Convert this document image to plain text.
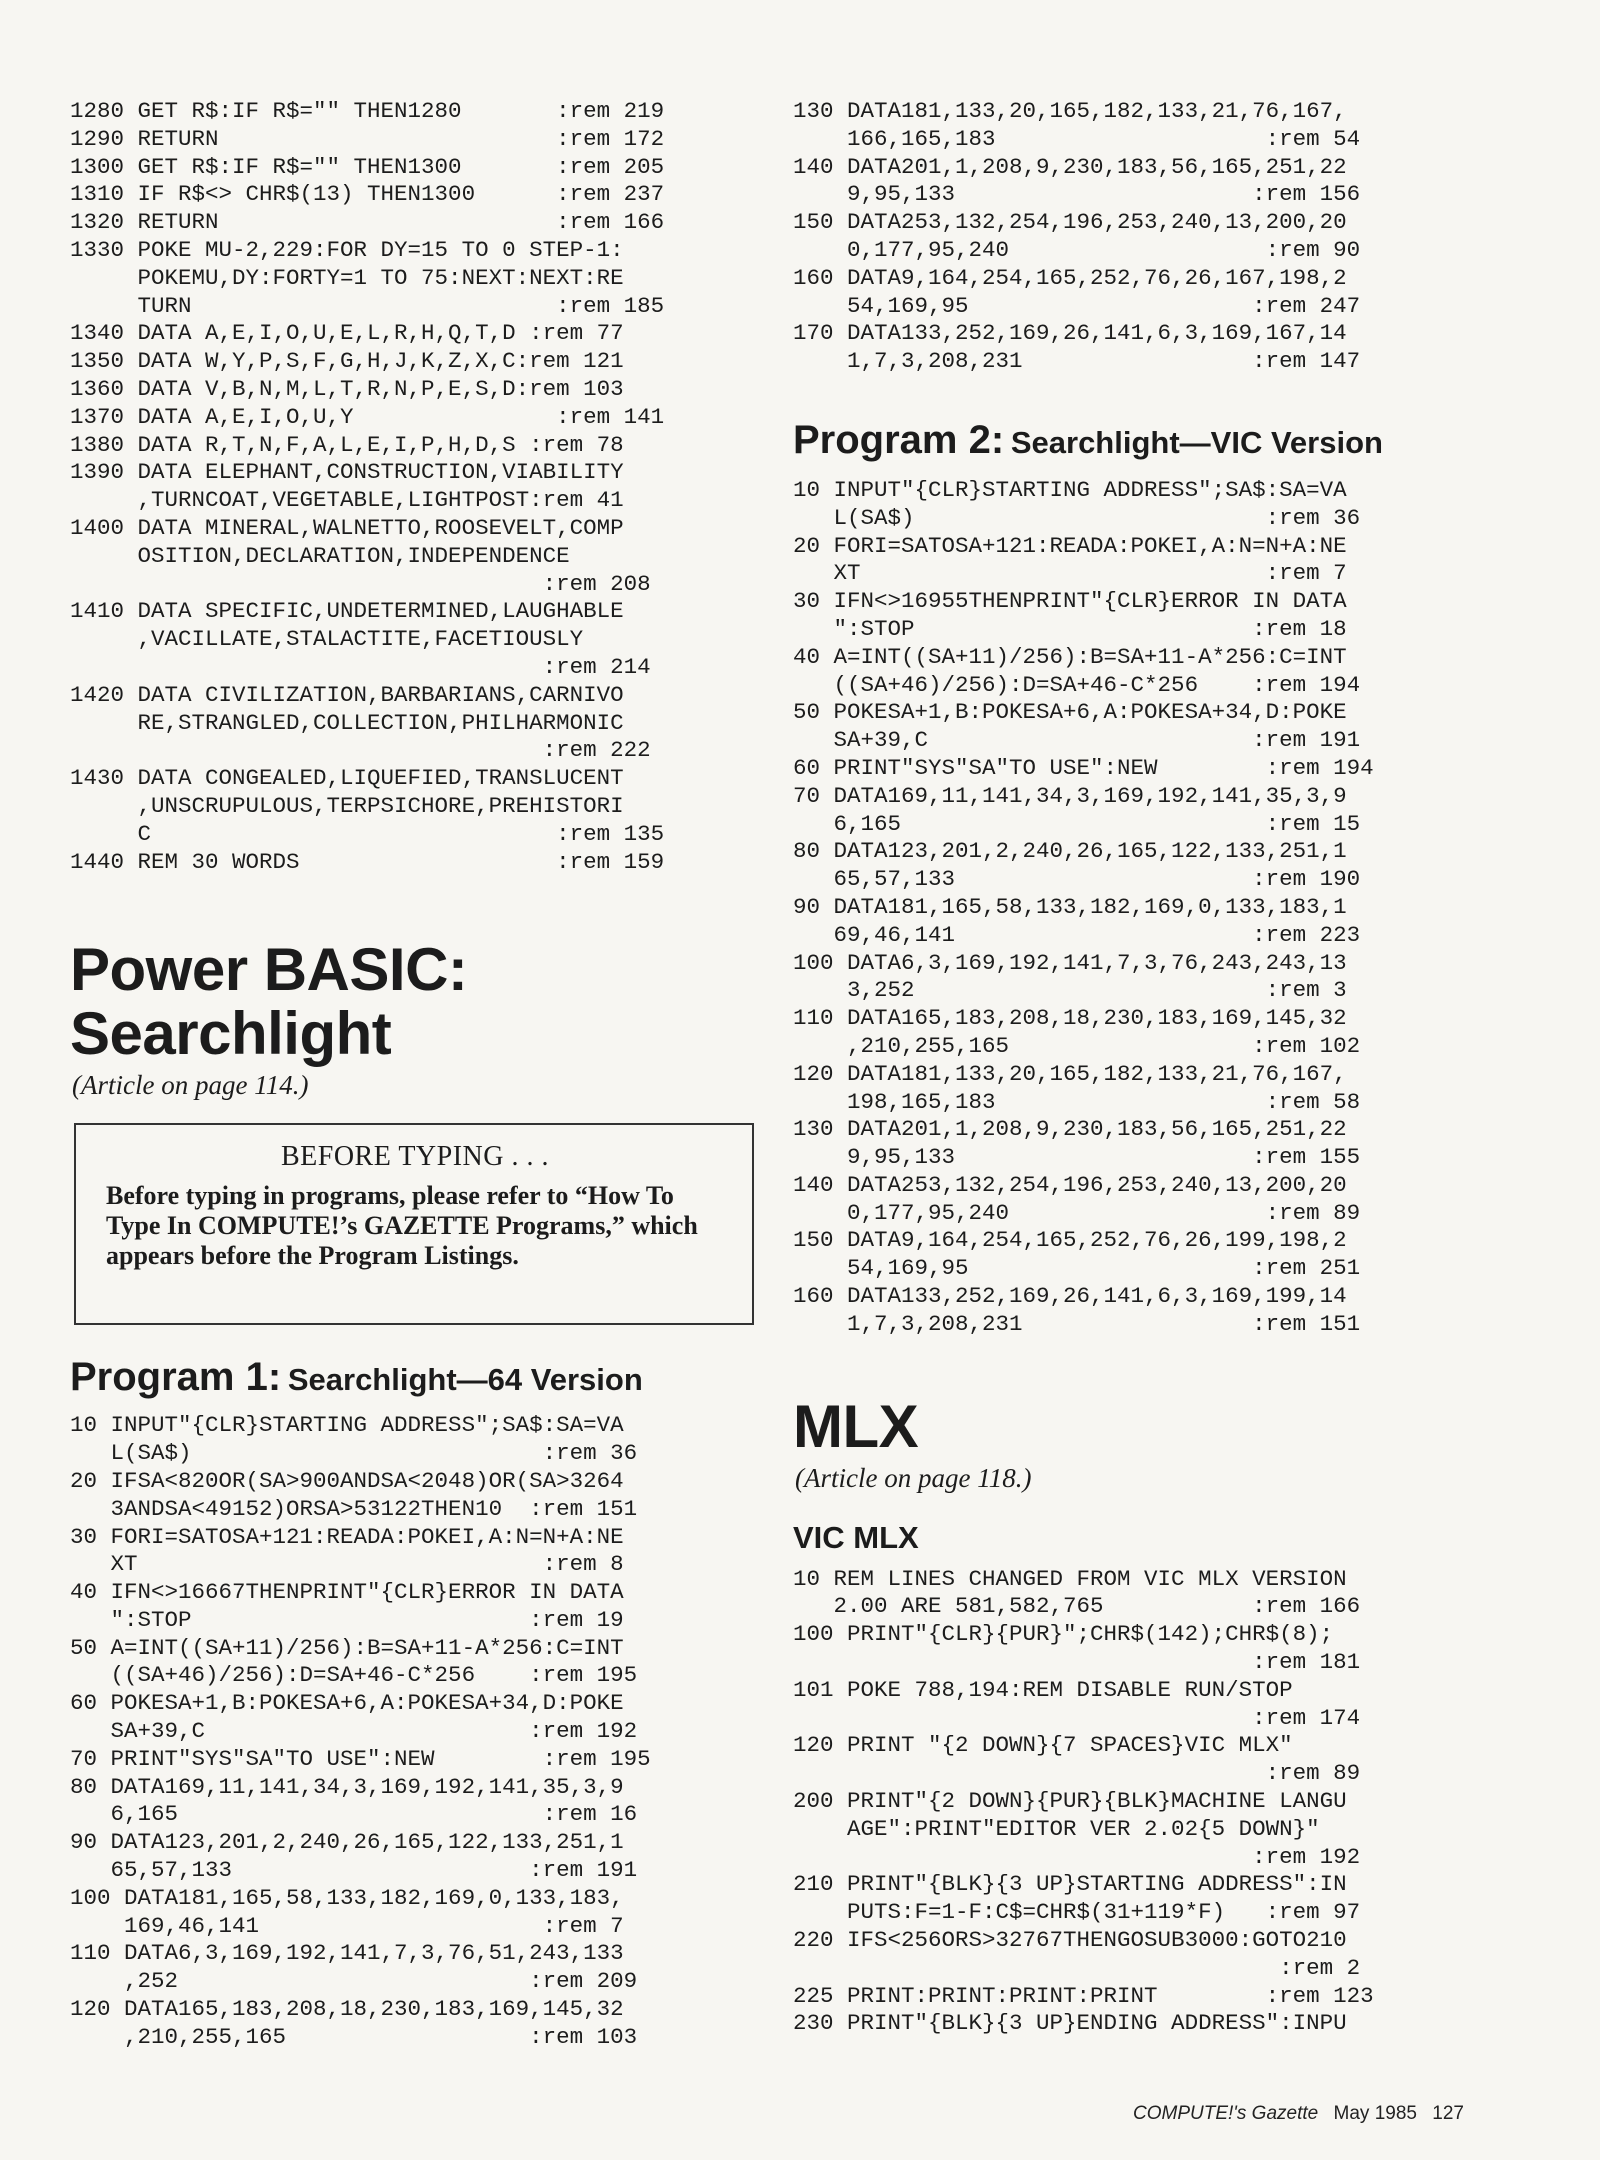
1280 GET R$:IF R$="" THEN1280       :rem 219
1290 RETURN                         :rem 172
1300 GET R$:IF R$="" THEN1300       :rem 205
1310 IF R$<> CHR$(13) THEN1300      :rem 237
1320 RETURN                         :rem 166
1330 POKE MU-2,229:FOR DY=15 TO 0 STEP-1:
POKEMU,DY:FORTY=1 TO 75:NEXT:NEXT:RE
TURN                           :rem 185
1340 DATA A,E,I,O,U,E,L,R,H,Q,T,D :rem 77
1350 DATA W,Y,P,S,F,G,H,J,K,Z,X,C:rem 121
1360 DATA V,B,N,M,L,T,R,N,P,E,S,D:rem 103
1370 DATA A,E,I,O,U,Y               :rem 141
1380 DATA R,T,N,F,A,L,E,I,P,H,D,S :rem 78
1390 DATA ELEPHANT,CONSTRUCTION,VIABILITY
,TURNCOAT,VEGETABLE,LIGHTPOST:rem 41
1400 DATA MINERAL,WALNETTO,ROOSEVELT,COMP
OSITION,DECLARATION,INDEPENDENCE
:rem 208
1410 DATA SPECIFIC,UNDETERMINED,LAUGHABLE
,VACILLATE,STALACTITE,FACETIOUSLY
:rem 214
1420 DATA CIVILIZATION,BARBARIANS,CARNIVO
RE,STRANGLED,COLLECTION,PHILHARMONIC
:rem 222
1430 DATA CONGEALED,LIQUEFIED,TRANSLUCENT
,UNSCRUPULOUS,TERPSICHORE,PREHISTORI
C                              :rem 135
1440 REM 30 WORDS                   :rem 159
Power BASIC:
Searchlight
(Article on page 114.)
BEFORE TYPING . . .
Before typing in programs, please refer to “How To Type In COMPUTE!’s GAZETTE Programs,” which appears before the Program Listings.
Program 1: Searchlight—64 Version
10 INPUT"{CLR}STARTING ADDRESS";SA$:SA=VA
L(SA$)                          :rem 36
20 IFSA<820OR(SA>900ANDSA<2048)OR(SA>3264
3ANDSA<49152)ORSA>53122THEN10  :rem 151
30 FORI=SATOSA+121:READA:POKEI,A:N=N+A:NE
XT                              :rem 8
40 IFN<>16667THENPRINT"{CLR}ERROR IN DATA
":STOP                         :rem 19
50 A=INT((SA+11)/256):B=SA+11-A*256:C=INT
((SA+46)/256):D=SA+46-C*256    :rem 195
60 POKESA+1,B:POKESA+6,A:POKESA+34,D:POKE
SA+39,C                        :rem 192
70 PRINT"SYS"SA"TO USE":NEW        :rem 195
80 DATA169,11,141,34,3,169,192,141,35,3,9
6,165                           :rem 16
90 DATA123,201,2,240,26,165,122,133,251,1
65,57,133                      :rem 191
100 DATA181,165,58,133,182,169,0,133,183,
169,46,141                     :rem 7
110 DATA6,3,169,192,141,7,3,76,51,243,133
,252                          :rem 209
120 DATA165,183,208,18,230,183,169,145,32
,210,255,165                  :rem 103
130 DATA181,133,20,165,182,133,21,76,167,
166,165,183                    :rem 54
140 DATA201,1,208,9,230,183,56,165,251,22
9,95,133                      :rem 156
150 DATA253,132,254,196,253,240,13,200,20
0,177,95,240                   :rem 90
160 DATA9,164,254,165,252,76,26,167,198,2
54,169,95                     :rem 247
170 DATA133,252,169,26,141,6,3,169,167,14
1,7,3,208,231                 :rem 147
Program 2: Searchlight—VIC Version
10 INPUT"{CLR}STARTING ADDRESS";SA$:SA=VA
L(SA$)                          :rem 36
20 FORI=SATOSA+121:READA:POKEI,A:N=N+A:NE
XT                              :rem 7
30 IFN<>16955THENPRINT"{CLR}ERROR IN DATA
":STOP                         :rem 18
40 A=INT((SA+11)/256):B=SA+11-A*256:C=INT
((SA+46)/256):D=SA+46-C*256    :rem 194
50 POKESA+1,B:POKESA+6,A:POKESA+34,D:POKE
SA+39,C                        :rem 191
60 PRINT"SYS"SA"TO USE":NEW        :rem 194
70 DATA169,11,141,34,3,169,192,141,35,3,9
6,165                           :rem 15
80 DATA123,201,2,240,26,165,122,133,251,1
65,57,133                      :rem 190
90 DATA181,165,58,133,182,169,0,133,183,1
69,46,141                      :rem 223
100 DATA6,3,169,192,141,7,3,76,243,243,13
3,252                          :rem 3
110 DATA165,183,208,18,230,183,169,145,32
,210,255,165                  :rem 102
120 DATA181,133,20,165,182,133,21,76,167,
198,165,183                    :rem 58
130 DATA201,1,208,9,230,183,56,165,251,22
9,95,133                      :rem 155
140 DATA253,132,254,196,253,240,13,200,20
0,177,95,240                   :rem 89
150 DATA9,164,254,165,252,76,26,199,198,2
54,169,95                     :rem 251
160 DATA133,252,169,26,141,6,3,169,199,14
1,7,3,208,231                 :rem 151
MLX
(Article on page 118.)
VIC MLX
10 REM LINES CHANGED FROM VIC MLX VERSION
2.00 ARE 581,582,765           :rem 166
100 PRINT"{CLR}{PUR}";CHR$(142);CHR$(8);
:rem 181
101 POKE 788,194:REM DISABLE RUN/STOP
:rem 174
120 PRINT "{2 DOWN}{7 SPACES}VIC MLX"
:rem 89
200 PRINT"{2 DOWN}{PUR}{BLK}MACHINE LANGU
AGE":PRINT"EDITOR VER 2.02{5 DOWN}"
:rem 192
210 PRINT"{BLK}{3 UP}STARTING ADDRESS":IN
PUTS:F=1-F:C$=CHR$(31+119*F)   :rem 97
220 IFS<256ORS>32767THENGOSUB3000:GOTO210
:rem 2
225 PRINT:PRINT:PRINT:PRINT        :rem 123
230 PRINT"{BLK}{3 UP}ENDING ADDRESS":INPU
COMPUTE!'s Gazette May 1985 127
